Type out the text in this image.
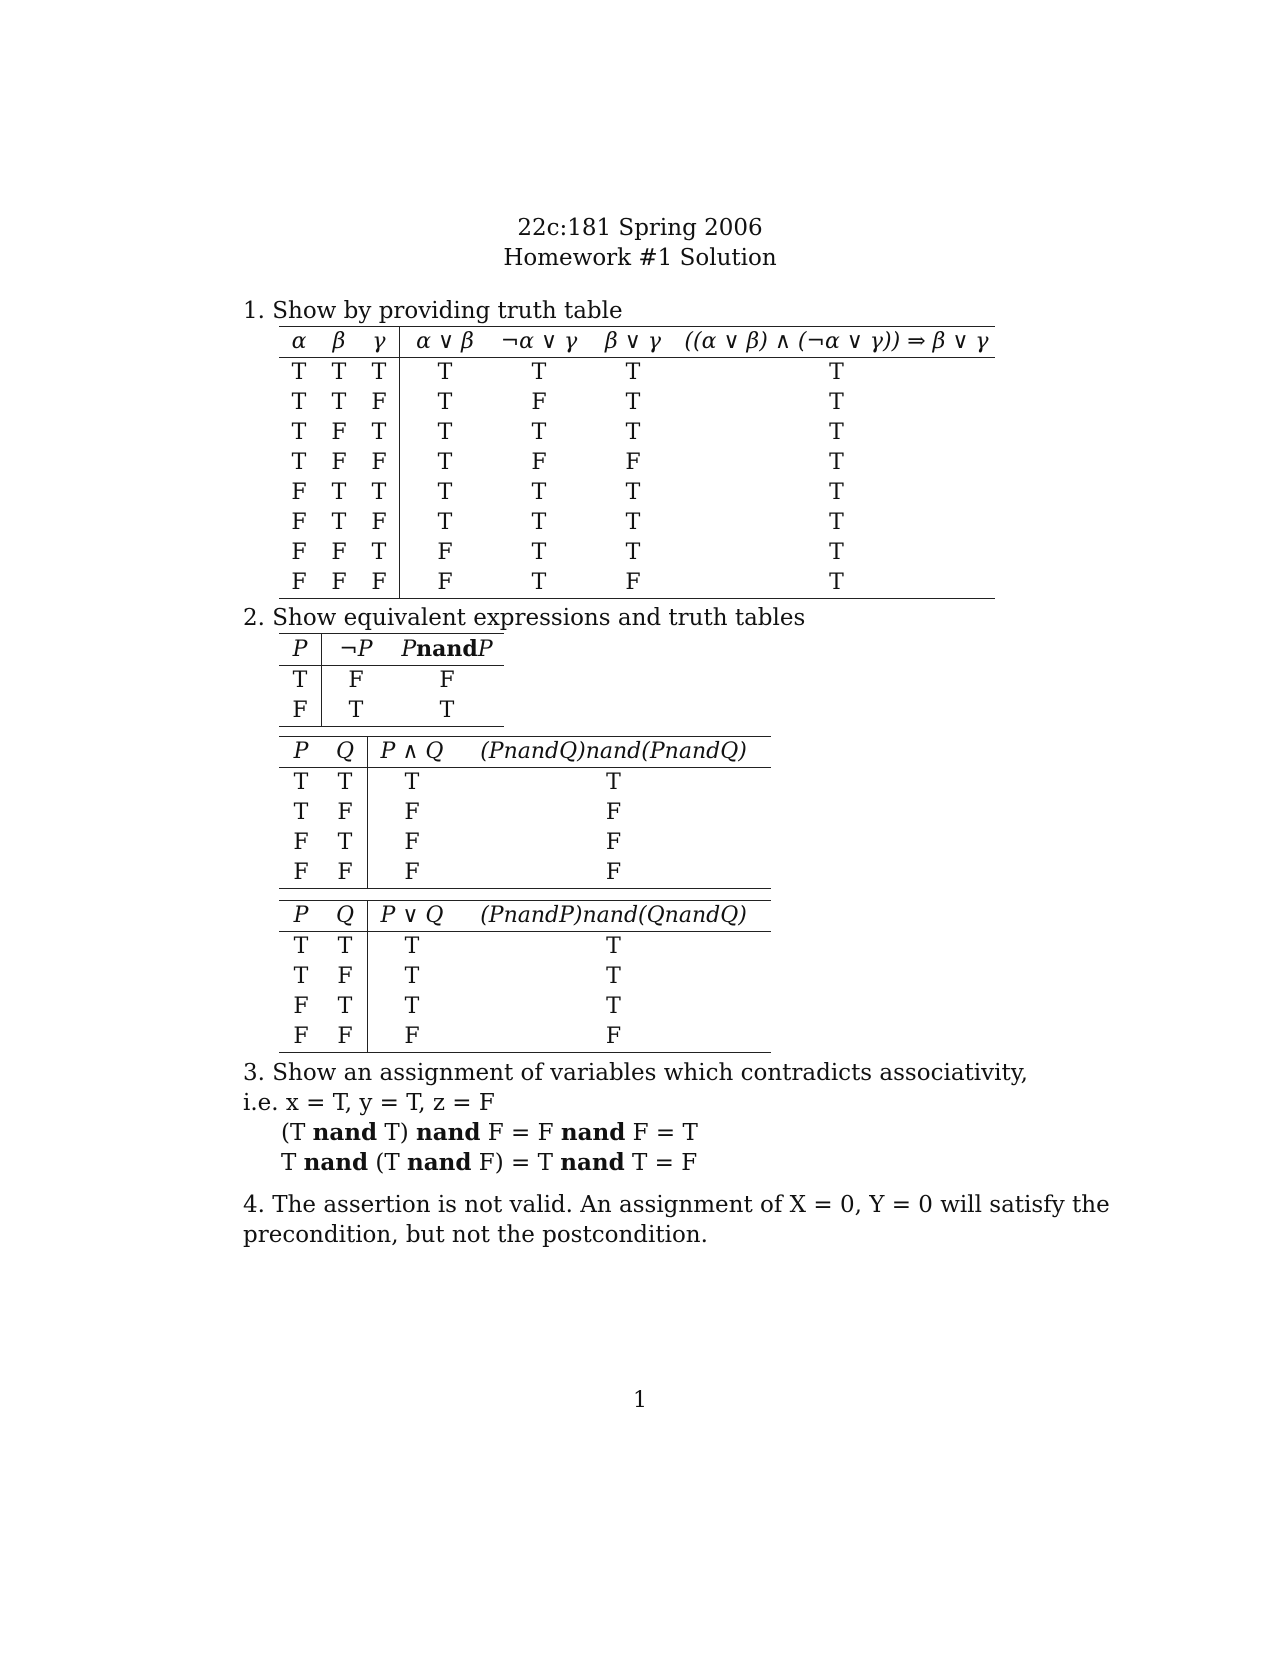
22c:181 Spring 2006
Homework #1 Solution
1. Show by providing truth table
α	β	γ	α ∨ β	¬α ∨ γ	β ∨ γ	((α ∨ β) ∧ (¬α ∨ γ)) ⇒ β ∨ γ
T	T	T	T	T	T	T
T	T	F	T	F	T	T
T	F	T	T	T	T	T
T	F	F	T	F	F	T
F	T	T	T	T	T	T
F	T	F	T	T	T	T
F	F	T	F	T	T	T
F	F	F	F	T	F	T
2. Show equivalent expressions and truth tables
P	¬P	PnandP
T	F	F
F	T	T
P	Q	P ∧ Q	(PnandQ)nand(PnandQ)
T	T	T	T
T	F	F	F
F	T	F	F
F	F	F	F
P	Q	P ∨ Q	(PnandP)nand(QnandQ)
T	T	T	T
T	F	T	T
F	T	T	T
F	F	F	F
3. Show an assignment of variables which contradicts associativity,
i.e. x = T, y = T, z = F
(T nand T) nand F = F nand F = T
T nand (T nand F) = T nand T = F
4. The assertion is not valid. An assignment of X = 0, Y = 0 will satisfy the
precondition, but not the postcondition.
1
